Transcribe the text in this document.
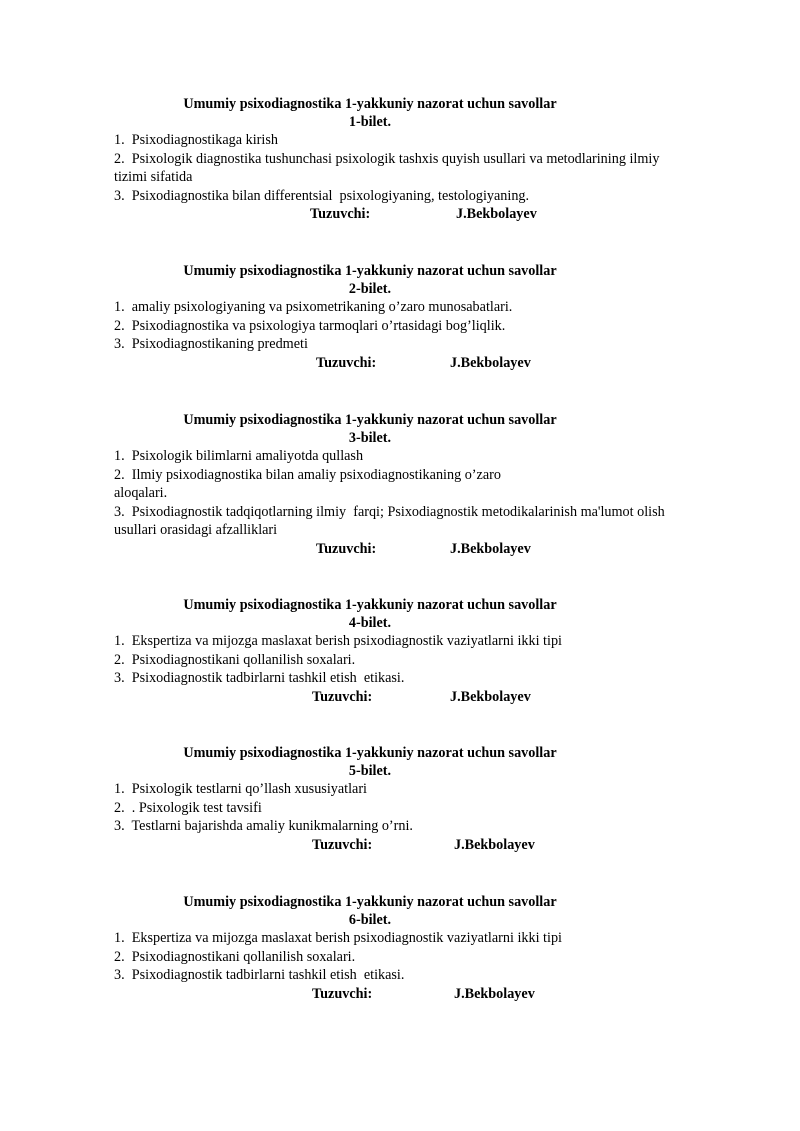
Umumiy psixodiagnostika 1-yakkuniy nazorat uchun savollar
1-bilet.
1.  Psixodiagnostikaga kirish
2.  Psixologik diagnostika tushunchasi psixologik tashxis quyish usullari va metodlarining ilmiy
tizimi sifatida
3.  Psixodiagnostika bilan differentsial  psixologiyaning, testologiyaning.
Tuzuvchi:	J.Bekbolayev
Umumiy psixodiagnostika 1-yakkuniy nazorat uchun savollar
2-bilet.
1.  amaliy psixologiyaning va psixometrikaning o’zaro munosabatlari.
2.  Psixodiagnostika va psixologiya tarmoqlari o’rtasidagi bog’liqlik.
3.  Psixodiagnostikaning predmeti
Tuzuvchi:	J.Bekbolayev
Umumiy psixodiagnostika 1-yakkuniy nazorat uchun savollar
3-bilet.
1.  Psixologik bilimlarni amaliyotda qullash
2.  Ilmiy psixodiagnostika bilan amaliy psixodiagnostikaning o’zaro
aloqalari.
3.  Psixodiagnostik tadqiqotlarning ilmiy  farqi; Psixodiagnostik metodikalarinish ma'lumot olish
usullari orasidagi afzalliklari
Tuzuvchi:	J.Bekbolayev
Umumiy psixodiagnostika 1-yakkuniy nazorat uchun savollar
4-bilet.
1.  Ekspertiza va mijozga maslaxat berish psixodiagnostik vaziyatlarni ikki tipi
2.  Psixodiagnostikani qollanilish soxalari.
3.  Psixodiagnostik tadbirlarni tashkil etish  etikasi.
Tuzuvchi:	J.Bekbolayev
Umumiy psixodiagnostika 1-yakkuniy nazorat uchun savollar
5-bilet.
1.  Psixologik testlarni qo’llash xususiyatlari
2.  . Psixologik test tavsifi
3.  Testlarni bajarishda amaliy kunikmalarning o’rni.
Tuzuvchi:	J.Bekbolayev
Umumiy psixodiagnostika 1-yakkuniy nazorat uchun savollar
6-bilet.
1.  Ekspertiza va mijozga maslaxat berish psixodiagnostik vaziyatlarni ikki tipi
2.  Psixodiagnostikani qollanilish soxalari.
3.  Psixodiagnostik tadbirlarni tashkil etish  etikasi.
Tuzuvchi:	J.Bekbolayev
